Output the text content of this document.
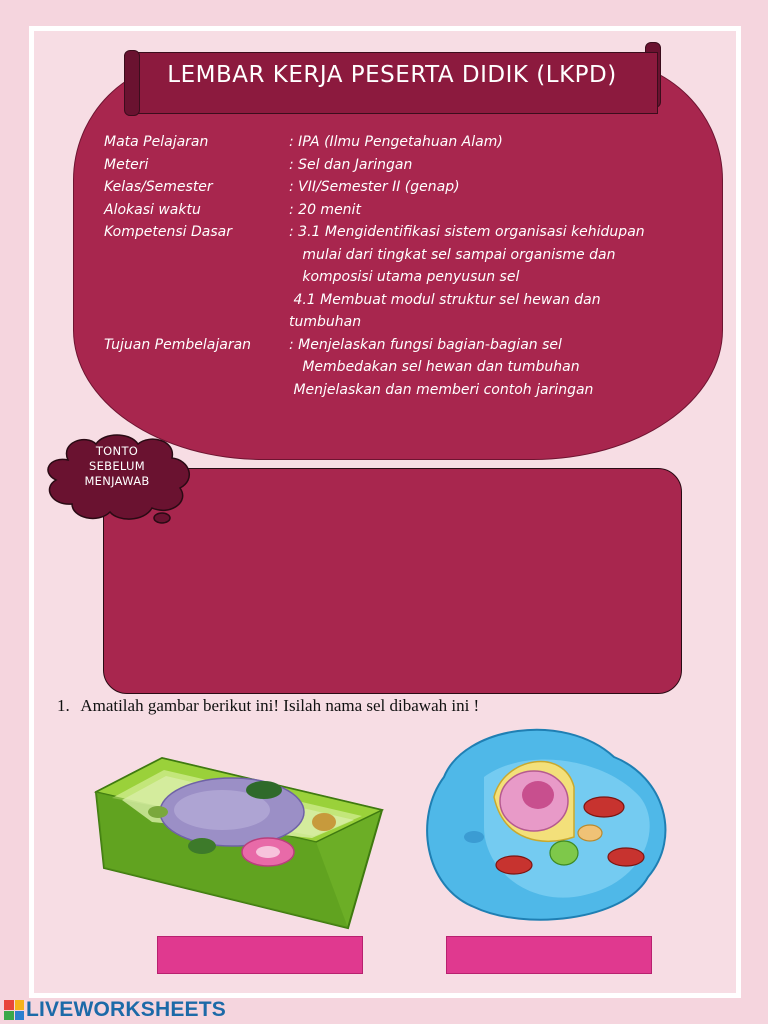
LEMBAR KERJA PESERTA DIDIK (LKPD)
Mata Pelajaran
Meteri
Kelas/Semester
Alokasi waktu
Kompetensi Dasar

Tujuan Pembelajaran
: IPA (Ilmu Pengetahuan Alam)
: Sel dan Jaringan
: VII/Semester II (genap)
: 20 menit
: 3.1 Mengidentifikasi sistem organisasi kehidupan
mulai dari tingkat sel sampai organisme dan
komposisi utama penyusun sel
4.1 Membuat modul struktur sel hewan dan
tumbuhan
: Menjelaskan fungsi bagian-bagian sel
Membedakan sel hewan dan tumbuhan
Menjelaskan dan memberi contoh jaringan
TONTO
SEBELUM
MENJAWAB
1. Amatilah gambar berikut ini! Isilah nama sel dibawah ini !
LIVEWORKSHEETS
